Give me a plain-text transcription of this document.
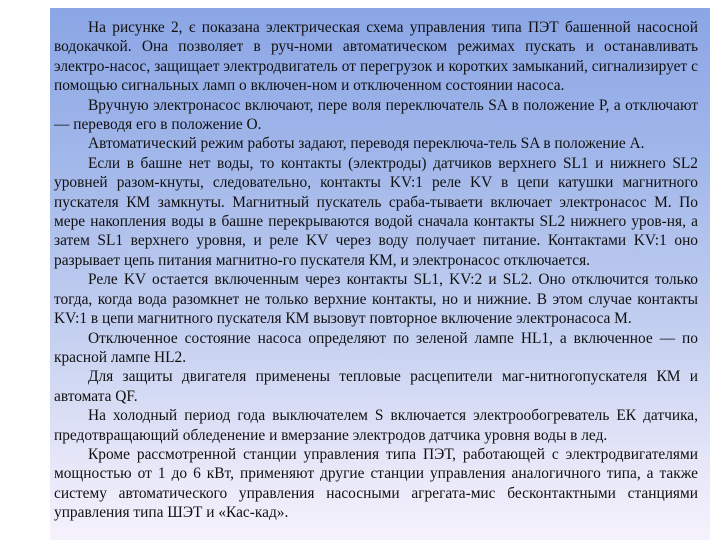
На рисунке 2, є показана электрическая схема управления типа ПЭТ башенной насосной водокачкой. Она позволяет в руч-номи автоматическом режимах пускать и останавливать электро-насос, защищает электродвигатель от перегрузок и коротких замыканий, сигнализирует с помощью сигнальных ламп о включен-ном и отключенном состоянии насоса.

Вручную электронасос включают, пере воля переключатель SA в положение Р, а отключают— переводя его в положение О.

Автоматический режим работы задают, переводя переключа-тель SA в положение А.

Если в башне нет воды, то контакты (электроды) датчиков верхнего SL1 и нижнего SL2 уровней разом-кнуты, следовательно, контакты KV:1 реле KV в цепи катушки магнитного пускателя КМ замкнуты. Магнитный пускатель сраба-тываети включает электронасос М. По мере накопления воды в башне перекрываются водой сначала контакты SL2 нижнего уров-ня, а затем SL1 верхнего уровня, и реле KV через воду получает питание. Контактами KV:1 оно разрывает цепь питания магнитно-го пускателя КМ, и электронасос отключается.

Реле KV остается включенным через контакты SL1, KV:2 и SL2. Оно отключится только тогда, когда вода разомкнет не только верхние контакты, но и нижние. В этом случае контакты KV:1 в цепи магнитного пускателя КМ вызовут повторное включение электронасоса М.

Отключенное состояние насоса определяют по зеленой лампе HL1, а включенное — по красной лампе HL2.

Для защиты двигателя применены тепловые расцепители маг-нитногопускателя КМ и автомата QF.

На холодный период года выключателем S включается электрообогреватель ЕК датчика, предотвращающий обледенение и вмерзание электродов датчика уровня воды в лед.

Кроме рассмотренной станции управления типа ПЭТ, работающей с электродвигателями мощностью от 1 до 6 кВт, применяют другие станции управления аналогичного типа, а также систему автоматического управления насосными агрегата-мис бесконтактными станциями управления типа ШЭТ и «Кас-кад».
